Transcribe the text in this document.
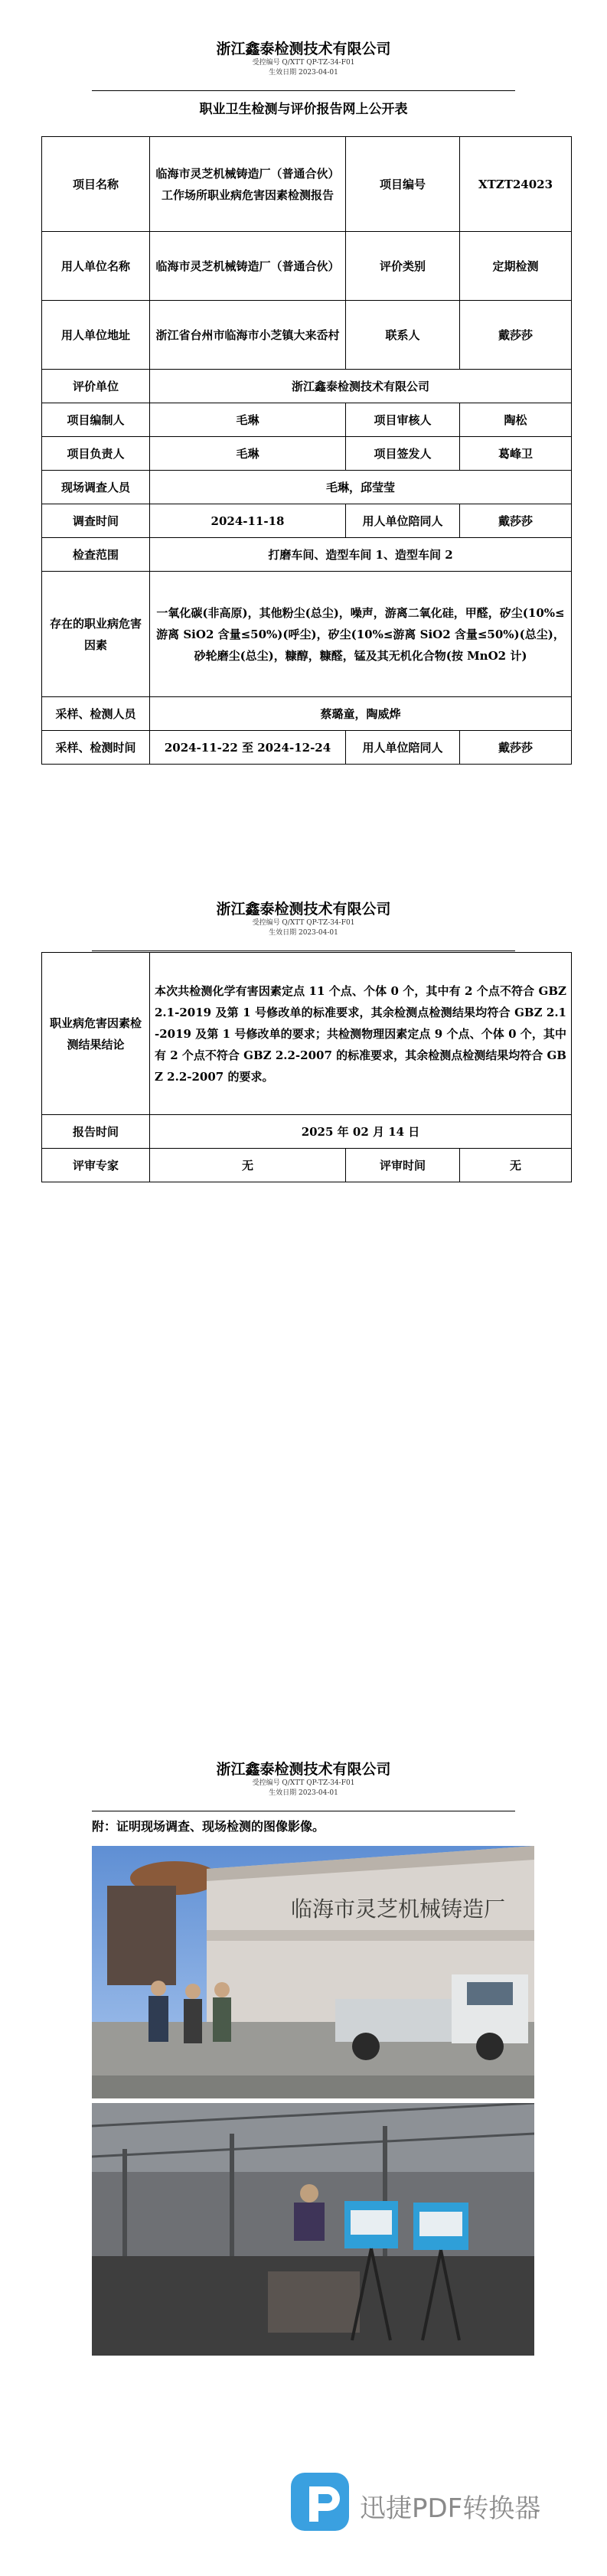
浙江鑫泰检测技术有限公司
受控编号 Q/XTT QP-TZ-34-F01
生效日期 2023-04-01
职业卫生检测与评价报告网上公开表
项目名称	临海市灵芝机械铸造厂（普通合伙）工作场所职业病危害因素检测报告	项目编号	XTZT24023
用人单位名称	临海市灵芝机械铸造厂（普通合伙）	评价类别	定期检测
用人单位地址	浙江省台州市临海市小芝镇大来岙村	联系人	戴莎莎
评价单位	浙江鑫泰检测技术有限公司		
项目编制人	毛琳	项目审核人	陶松
项目负责人	毛琳	项目签发人	葛峰卫
现场调查人员	毛琳，邱莹莹		
调查时间	2024-11-18	用人单位陪同人	戴莎莎
检查范围	打磨车间、造型车间 1、造型车间 2		
存在的职业病危害因素	一氧化碳(非高原)，其他粉尘(总尘)，噪声，游离二氧化硅，甲醛，矽尘(10%≤游离 SiO2 含量≤50%)(呼尘)，矽尘(10%≤游离 SiO2 含量≤50%)(总尘)，砂轮磨尘(总尘)，糠醇，糠醛，锰及其无机化合物(按 MnO2 计)		
采样、检测人员	蔡璐童，陶威烨		
采样、检测时间	2024-11-22 至 2024-12-24	用人单位陪同人	戴莎莎
浙江鑫泰检测技术有限公司
受控编号 Q/XTT QP-TZ-34-F01
生效日期 2023-04-01
职业病危害因素检测结果结论	本次共检测化学有害因素定点 11 个点、个体 0 个，其中有 2 个点不符合 GBZ 2.1-2019 及第 1 号修改单的标准要求，其余检测点检测结果均符合 GBZ 2.1-2019 及第 1 号修改单的要求；共检测物理因素定点 9 个点、个体 0 个，其中有 2 个点不符合 GBZ 2.2-2007 的标准要求，其余检测点检测结果均符合 GBZ 2.2-2007 的要求。		
报告时间	2025 年 02 月 14 日		
评审专家	无	评审时间	无
浙江鑫泰检测技术有限公司
受控编号 Q/XTT QP-TZ-34-F01
生效日期 2023-04-01
附：证明现场调查、现场检测的图像影像。
临海市灵芝机械铸造厂
迅捷PDF转换器
